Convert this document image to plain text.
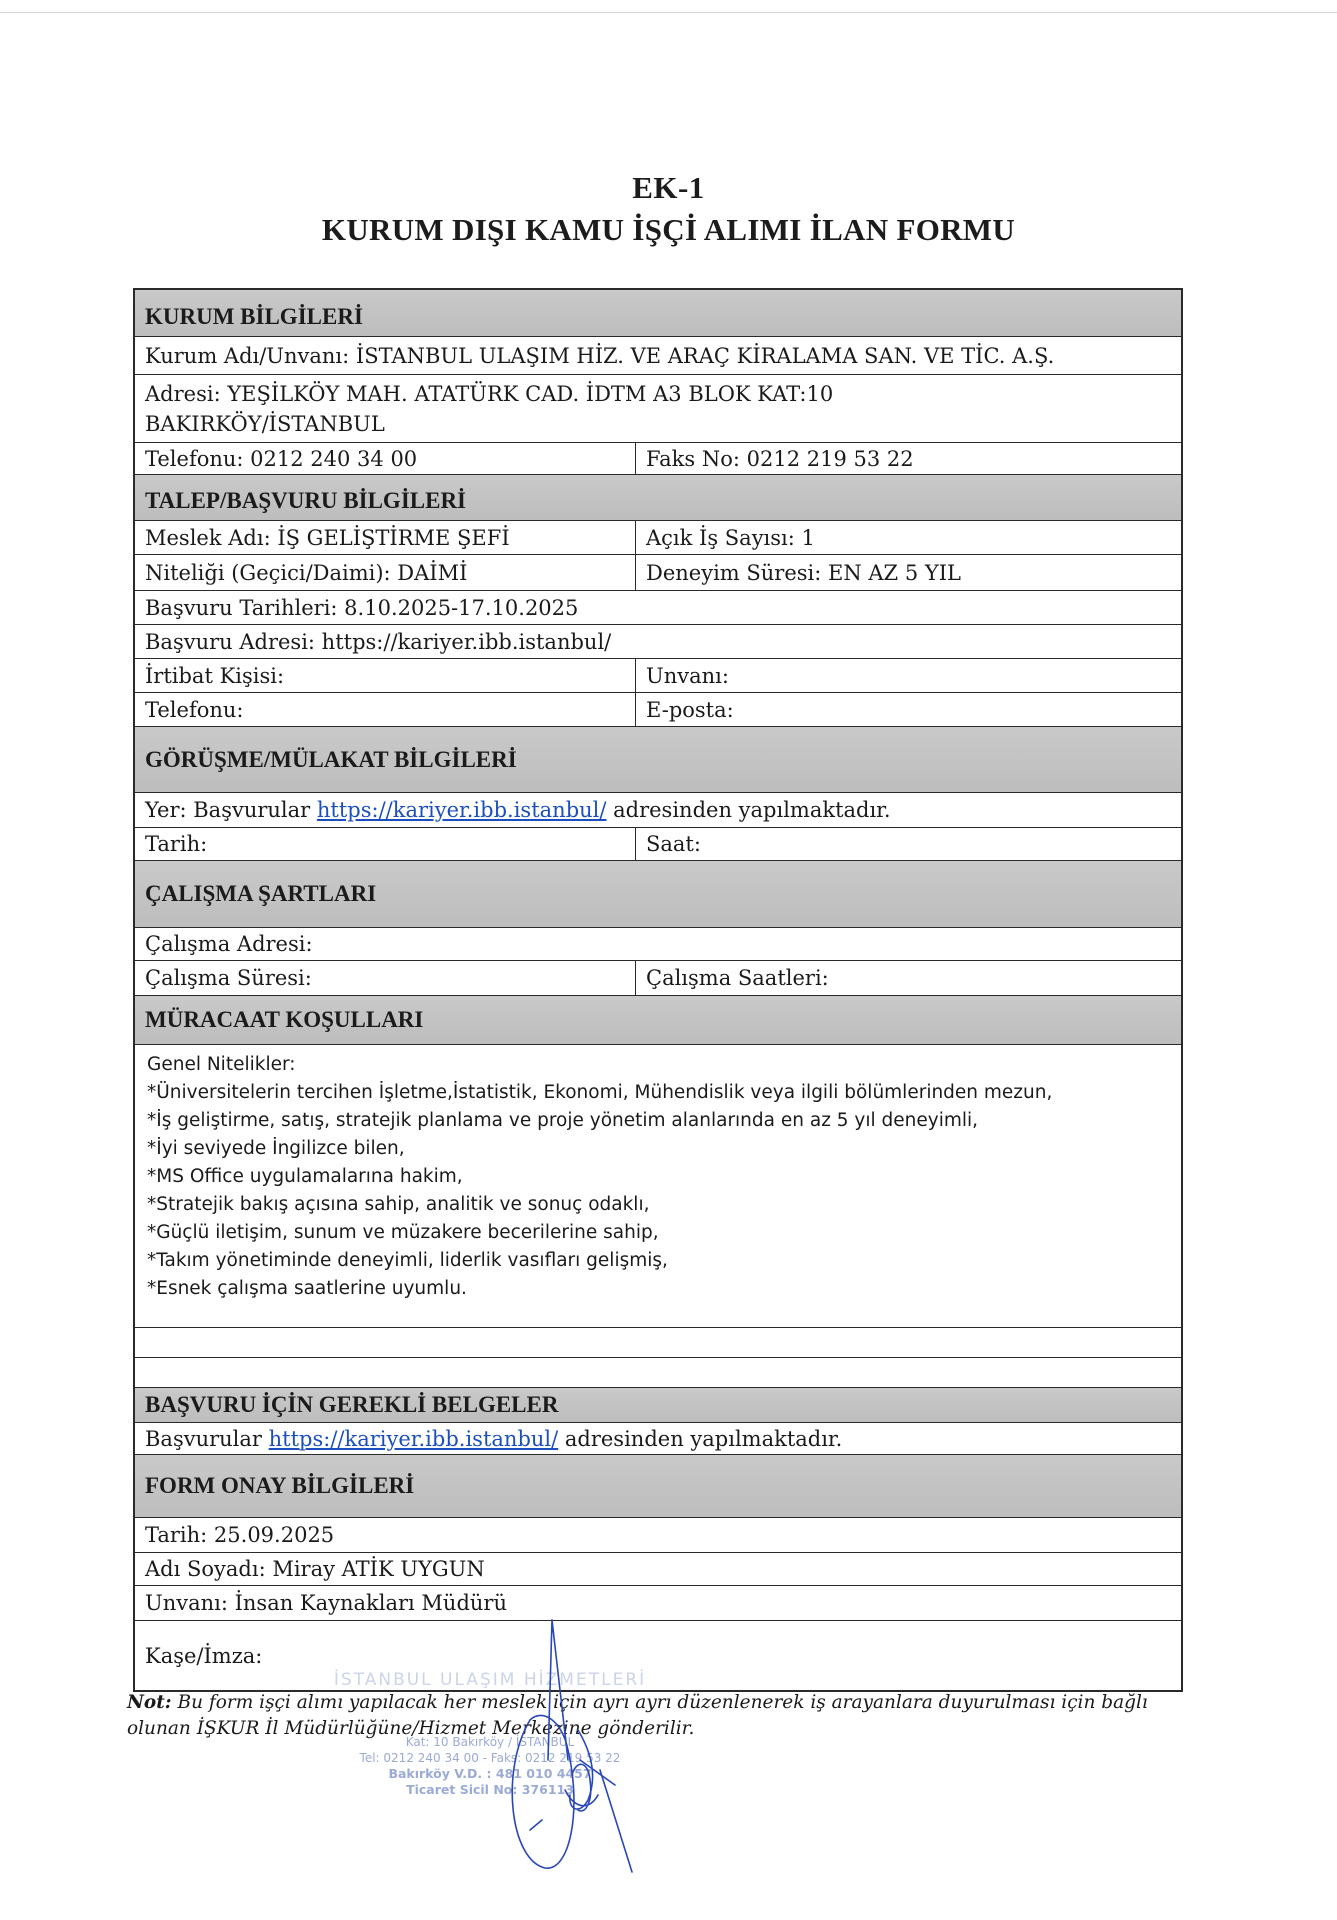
EK-1
KURUM DIŞI KAMU İŞÇİ ALIMI İLAN FORMU
KURUM BİLGİLERİ
Kurum Adı/Unvanı: İSTANBUL ULAŞIM HİZ. VE ARAÇ KİRALAMA SAN. VE TİC. A.Ş.
Adresi: YEŞİLKÖY MAH. ATATÜRK CAD. İDTM A3 BLOK KAT:10
BAKIRKÖY/İSTANBUL
Telefonu: 0212 240 34 00	Faks No: 0212 219 53 22
TALEP/BAŞVURU BİLGİLERİ
Meslek Adı: İŞ GELİŞTİRME ŞEFİ	Açık İş Sayısı: 1
Niteliği (Geçici/Daimi): DAİMİ	Deneyim Süresi: EN AZ 5 YIL
Başvuru Tarihleri: 8.10.2025-17.10.2025
Başvuru Adresi: https://kariyer.ibb.istanbul/
İrtibat Kişisi:	Unvanı:
Telefonu:	E-posta:
GÖRÜŞME/MÜLAKAT BİLGİLERİ
Yer: Başvurular https://kariyer.ibb.istanbul/ adresinden yapılmaktadır.
Tarih:	Saat:
ÇALIŞMA ŞARTLARI
Çalışma Adresi:
Çalışma Süresi:	Çalışma Saatleri:
MÜRACAAT KOŞULLARI
Genel Nitelikler:
*Üniversitelerin tercihen İşletme,İstatistik, Ekonomi, Mühendislik veya ilgili bölümlerinden mezun,
*İş geliştirme, satış, stratejik planlama ve proje yönetim alanlarında en az 5 yıl deneyimli,
*İyi seviyede İngilizce bilen,
*MS Office uygulamalarına hakim,
*Stratejik bakış açısına sahip, analitik ve sonuç odaklı,
*Güçlü iletişim, sunum ve müzakere becerilerine sahip,
*Takım yönetiminde deneyimli, liderlik vasıfları gelişmiş,
*Esnek çalışma saatlerine uyumlu.
BAŞVURU İÇİN GEREKLİ BELGELER
Başvurular https://kariyer.ibb.istanbul/ adresinden yapılmaktadır.
FORM ONAY BİLGİLERİ
Tarih: 25.09.2025
Adı Soyadı: Miray ATİK UYGUN
Unvanı: İnsan Kaynakları Müdürü
Kaşe/İmza:
İSTANBUL ULAŞIM HİZMETLERİ
Kat: 10 Bakırköy / İSTANBUL
Tel: 0212 240 34 00 - Faks: 0212 219 53 22
Bakırköy V.D. : 481 010 4457
Ticaret Sicil No: 376113
Not: Bu form işçi alımı yapılacak her meslek için ayrı ayrı düzenlenerek iş arayanlara duyurulması için bağlı olunan İŞKUR İl Müdürlüğüne/Hizmet Merkezine gönderilir.
